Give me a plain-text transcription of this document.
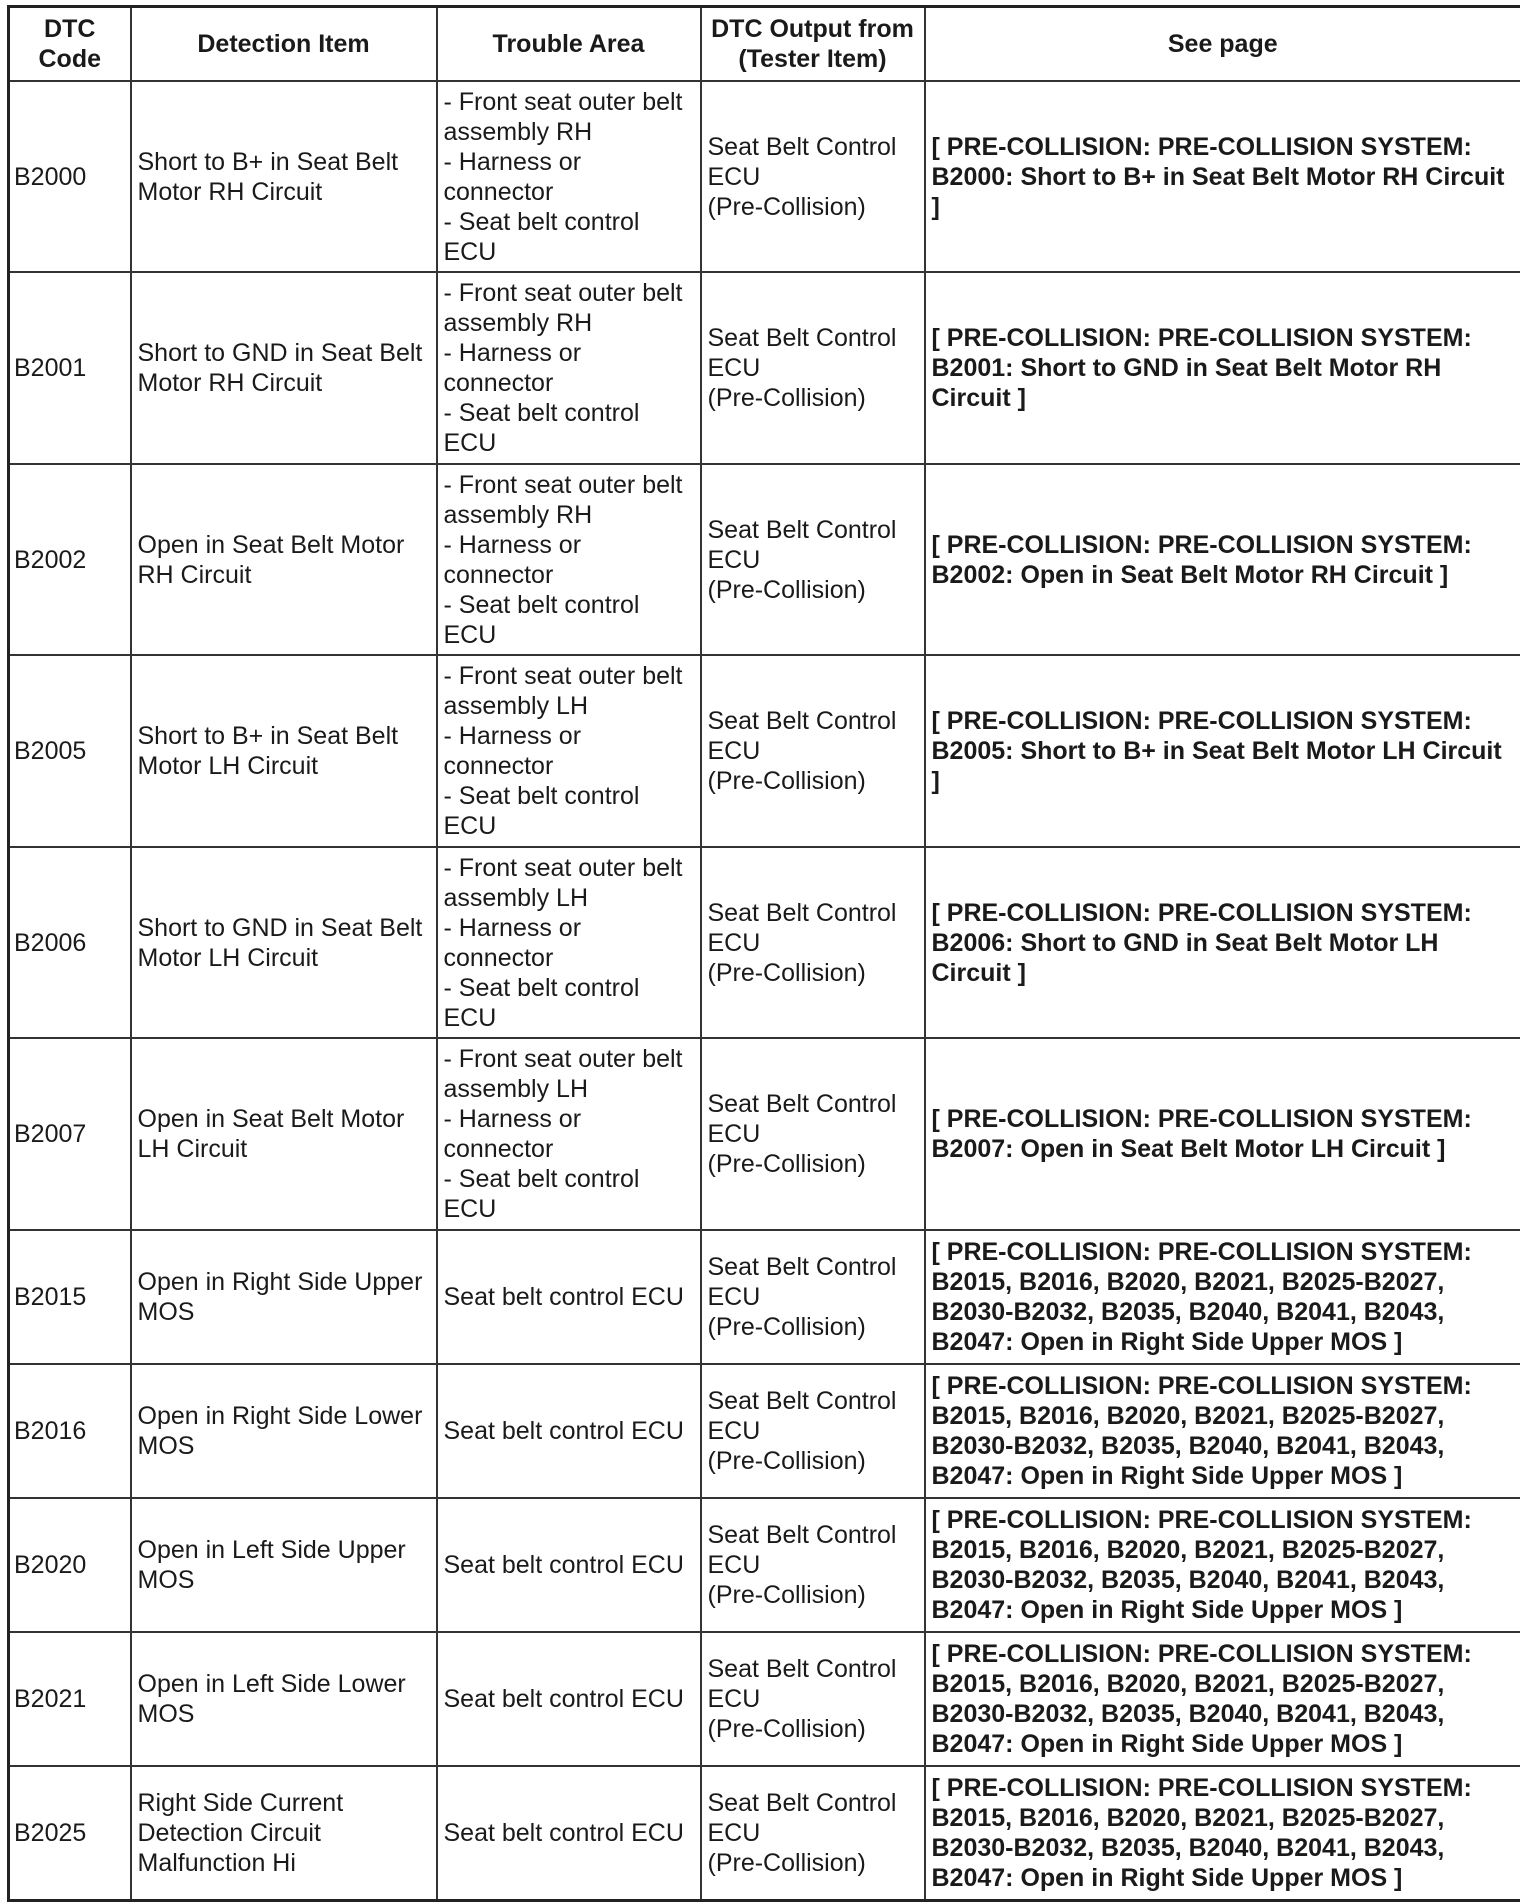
DTC
Code	Detection Item	Trouble Area	DTC Output from
(Tester Item)	See page
B2000	Short to B+ in Seat Belt Motor RH Circuit	- Front seat outer belt assembly RH
- Harness or connector
- Seat belt control ECU	Seat Belt Control ECU
(Pre-Collision)	[ PRE-COLLISION: PRE-COLLISION SYSTEM: B2000: Short to B+ in Seat Belt Motor RH Circuit ]
B2001	Short to GND in Seat Belt Motor RH Circuit	- Front seat outer belt assembly RH
- Harness or connector
- Seat belt control ECU	Seat Belt Control ECU
(Pre-Collision)	[ PRE-COLLISION: PRE-COLLISION SYSTEM: B2001: Short to GND in Seat Belt Motor RH Circuit ]
B2002	Open in Seat Belt Motor RH Circuit	- Front seat outer belt assembly RH
- Harness or connector
- Seat belt control ECU	Seat Belt Control ECU
(Pre-Collision)	[ PRE-COLLISION: PRE-COLLISION SYSTEM: B2002: Open in Seat Belt Motor RH Circuit ]
B2005	Short to B+ in Seat Belt Motor LH Circuit	- Front seat outer belt assembly LH
- Harness or connector
- Seat belt control ECU	Seat Belt Control ECU
(Pre-Collision)	[ PRE-COLLISION: PRE-COLLISION SYSTEM: B2005: Short to B+ in Seat Belt Motor LH Circuit ]
B2006	Short to GND in Seat Belt Motor LH Circuit	- Front seat outer belt assembly LH
- Harness or connector
- Seat belt control ECU	Seat Belt Control ECU
(Pre-Collision)	[ PRE-COLLISION: PRE-COLLISION SYSTEM: B2006: Short to GND in Seat Belt Motor LH Circuit ]
B2007	Open in Seat Belt Motor LH Circuit	- Front seat outer belt assembly LH
- Harness or connector
- Seat belt control ECU	Seat Belt Control ECU
(Pre-Collision)	[ PRE-COLLISION: PRE-COLLISION SYSTEM: B2007: Open in Seat Belt Motor LH Circuit ]
B2015	Open in Right Side Upper MOS	Seat belt control ECU	Seat Belt Control ECU
(Pre-Collision)	[ PRE-COLLISION: PRE-COLLISION SYSTEM: B2015, B2016, B2020, B2021, B2025-B2027, B2030-B2032, B2035, B2040, B2041, B2043, B2047: Open in Right Side Upper MOS ]
B2016	Open in Right Side Lower MOS	Seat belt control ECU	Seat Belt Control ECU
(Pre-Collision)	[ PRE-COLLISION: PRE-COLLISION SYSTEM: B2015, B2016, B2020, B2021, B2025-B2027, B2030-B2032, B2035, B2040, B2041, B2043, B2047: Open in Right Side Upper MOS ]
B2020	Open in Left Side Upper MOS	Seat belt control ECU	Seat Belt Control ECU
(Pre-Collision)	[ PRE-COLLISION: PRE-COLLISION SYSTEM: B2015, B2016, B2020, B2021, B2025-B2027, B2030-B2032, B2035, B2040, B2041, B2043, B2047: Open in Right Side Upper MOS ]
B2021	Open in Left Side Lower MOS	Seat belt control ECU	Seat Belt Control ECU
(Pre-Collision)	[ PRE-COLLISION: PRE-COLLISION SYSTEM: B2015, B2016, B2020, B2021, B2025-B2027, B2030-B2032, B2035, B2040, B2041, B2043, B2047: Open in Right Side Upper MOS ]
B2025	Right Side Current Detection Circuit Malfunction Hi	Seat belt control ECU	Seat Belt Control ECU
(Pre-Collision)	[ PRE-COLLISION: PRE-COLLISION SYSTEM: B2015, B2016, B2020, B2021, B2025-B2027, B2030-B2032, B2035, B2040, B2041, B2043, B2047: Open in Right Side Upper MOS ]
